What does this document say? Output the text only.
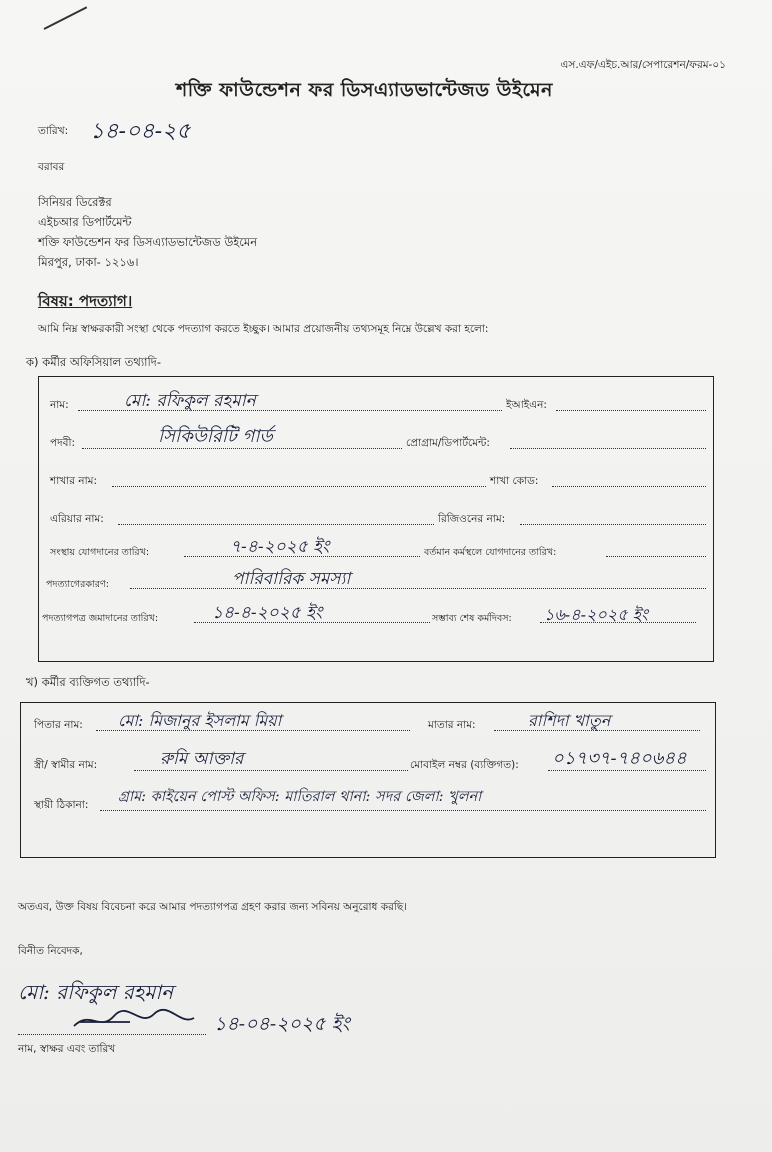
এস.এফ/এইচ.আর/সেপারেশন/ফরম-০১
শক্তি ফাউন্ডেশন ফর ডিসএ্যাডভান্টেজড উইমেন
তারিখ: ১৪-০৪-২৫
বরাবর
সিনিয়র ডিরেক্টর
এইচআর ডিপার্টমেন্ট
শক্তি ফাউন্ডেশন ফর ডিসএ্যাডভান্টেজড উইমেন
মিরপুর, ঢাকা- ১২১৬।
বিষয়: পদত্যাগ।
আমি নিম্ন স্বাক্ষরকারী সংস্থা থেকে পদত্যাগ করতে ইচ্ছুক। আমার প্রয়োজনীয় তথ্যসমূহ নিম্নে উল্লেখ করা হলো:
ক) কর্মীর অফিসিয়াল তথ্যাদি-
নাম:	মো: রফিকুল রহমান	ইআইএন:
পদবী:	সিকিউরিটি গার্ড	প্রোগ্রাম/ডিপার্টমেন্ট:
শাখার নাম:	শাখা কোড:
এরিয়ার নাম:	রিজিওনের নাম:
সংস্থায় যোগদানের তারিখ:	৭-৪-২০২৫ ইং	বর্তমান কর্মস্থলে যোগদানের তারিখ:
পদত্যাগেরকারণ:	পারিবারিক সমস্যা
পদত্যাগপত্র জমাদানের তারিখ:	১৪-৪-২০২৫ ইং	সম্ভাব্য শেষ কর্মদিবস: ১৬-৪-২০২৫ ইং
খ) কর্মীর ব্যক্তিগত তথ্যাদি-
পিতার নাম: মো: মিজানুর ইসলাম মিয়া	মাতার নাম:	রাশিদা খাতুন
স্ত্রী/ স্বামীর নাম:	রুমি আক্তার	মোবাইল নম্বর (ব্যক্তিগত): ০১৭৩৭-৭৪০৬৪৪
স্থায়ী ঠিকানা: গ্রাম: কাইয়েন পোস্ট অফিস: মাতিরাল থানা: সদর জেলা: খুলনা
অতএব, উক্ত বিষয় বিবেচনা করে আমার পদত্যাগপত্র গ্রহণ করার জন্য সবিনয় অনুরোধ করছি।
বিনীত নিবেদক,
মো: রফিকুল রহমান
১৪-০৪-২০২৫ ইং
নাম, স্বাক্ষর এবং তারিখ
